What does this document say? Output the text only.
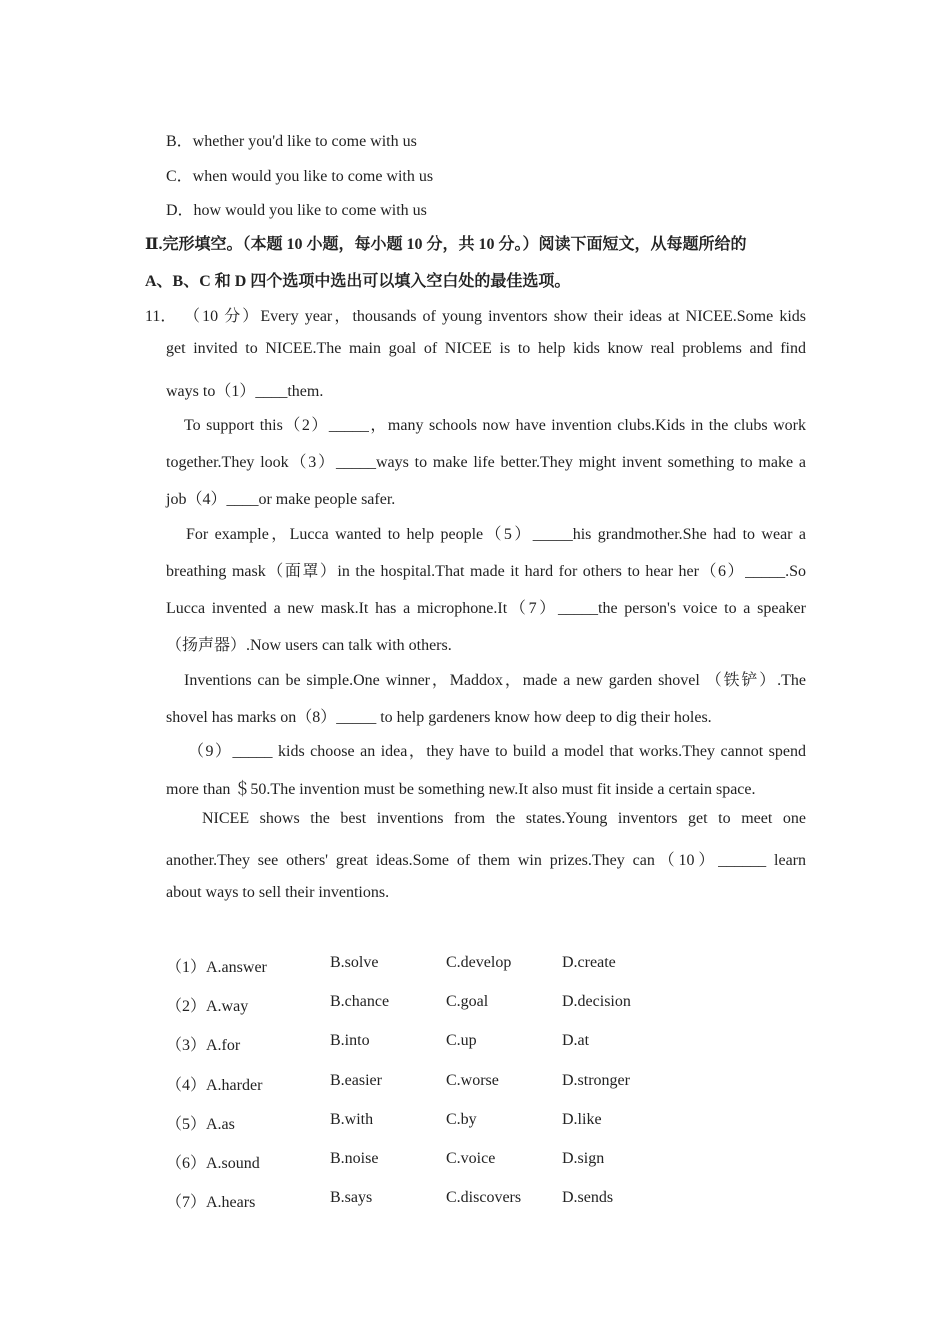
B．whether you'd like to come with us
C．when would you like to come with us
D．how would you like to come with us
Ⅱ.完形填空。（本题 10 小题，每小题 10 分，共 10 分。）阅读下面短文，从每题所给的
A、B、C 和 D 四个选项中选出可以填入空白处的最佳选项。
11． （10 分）Every year，thousands of young inventors show their ideas at NICEE.Some kids
get invited to NICEE.The main goal of NICEE is to help kids know real problems and find
ways to（1）____them.
To support this（2）_____，many schools now have invention clubs.Kids in the clubs work
together.They look（3）_____ways to make life better.They might invent something to make a
job（4）____or make people safer.
For example，Lucca wanted to help people（5）_____his grandmother.She had to wear a
breathing mask（面罩）in the hospital.That made it hard for others to hear her（6）_____.So
Lucca invented a new mask.It has a microphone.It（7）_____the person's voice to a speaker
（扬声器）.Now users can talk with others.
Inventions can be simple.One winner，Maddox，made a new garden shovel （铁铲）.The
shovel has marks on（8）_____ to help gardeners know how deep to dig their holes.
（9）_____ kids choose an idea，they have to build a model that works.They cannot spend
more than ＄50.The invention must be something new.It also must fit inside a certain space.
NICEE shows the best inventions from the states.Young inventors get to meet one
another.They see others' great ideas.Some of them win prizes.They can（10）______ learn
about ways to sell their inventions.
（1）A.answer	B.solve	C.develop	D.create
（2）A.way	B.chance	C.goal	D.decision
（3）A.for	B.into	C.up	D.at
（4）A.harder	B.easier	C.worse	D.stronger
（5）A.as	B.with	C.by	D.like
（6）A.sound	B.noise	C.voice	D.sign
（7）A.hears	B.says	C.discovers	D.sends
